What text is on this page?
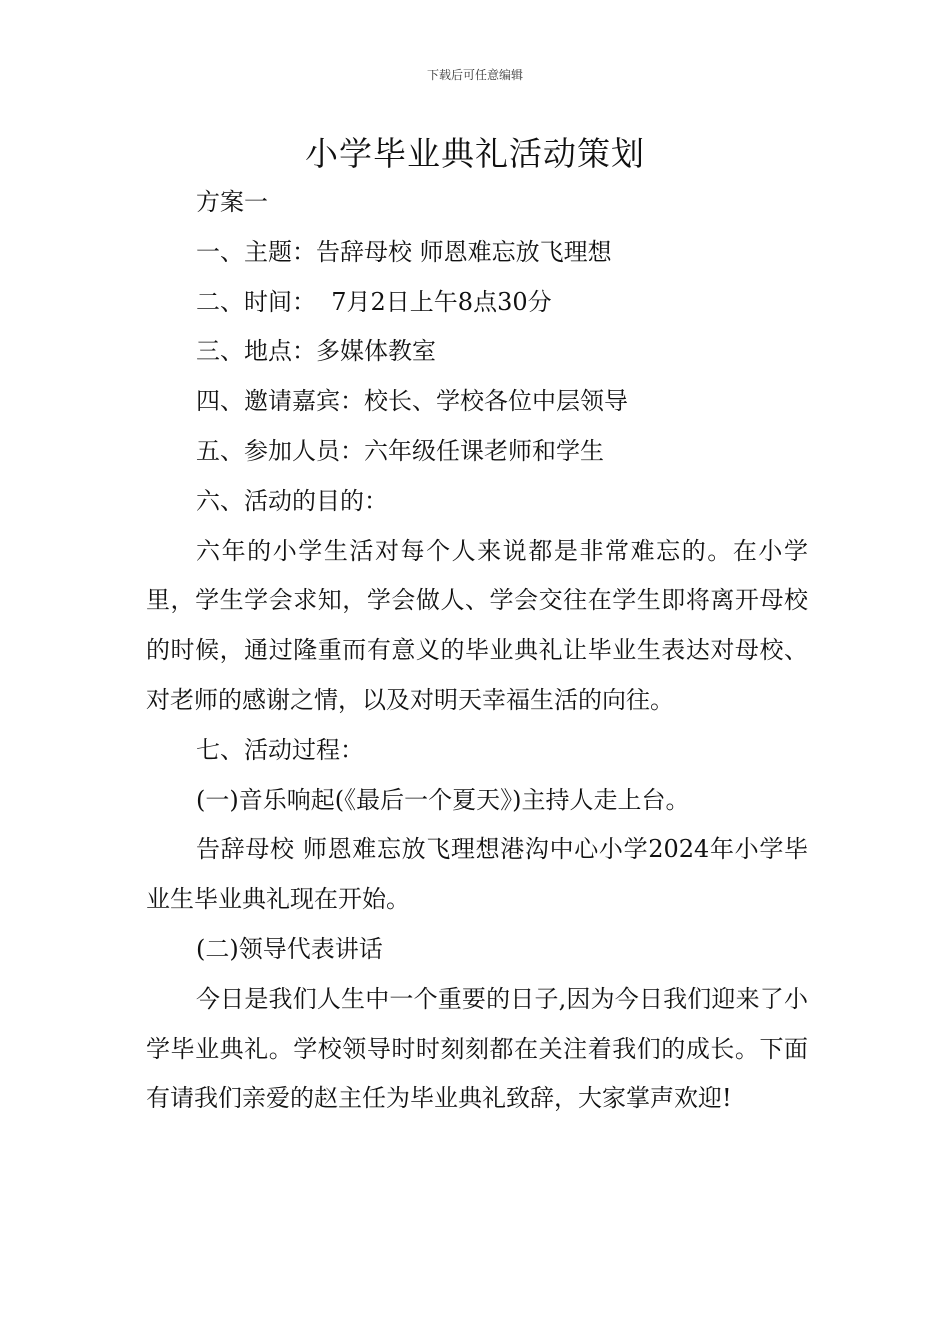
下载后可任意编辑
小学毕业典礼活动策划

方案一

一、主题：告辞母校 师恩难忘放飞理想

二、时间：  7月2日上午8点30分

三、地点：多媒体教室

四、邀请嘉宾：校长、学校各位中层领导

五、参加人员：六年级任课老师和学生

六、活动的目的：

六年的小学生活对每个人来说都是非常难忘的。在小学里，学生学会求知，学会做人、学会交往在学生即将离开母校的时候，通过隆重而有意义的毕业典礼让毕业生表达对母校、对老师的感谢之情，以及对明天幸福生活的向往。

七、活动过程：

(一)音乐响起(《最后一个夏天》)主持人走上台。

告辞母校 师恩难忘放飞理想港沟中心小学2024年小学毕业生毕业典礼现在开始。

(二)领导代表讲话

今日是我们人生中一个重要的日子,因为今日我们迎来了小学毕业典礼。学校领导时时刻刻都在关注着我们的成长。下面有请我们亲爱的赵主任为毕业典礼致辞，大家掌声欢迎!
